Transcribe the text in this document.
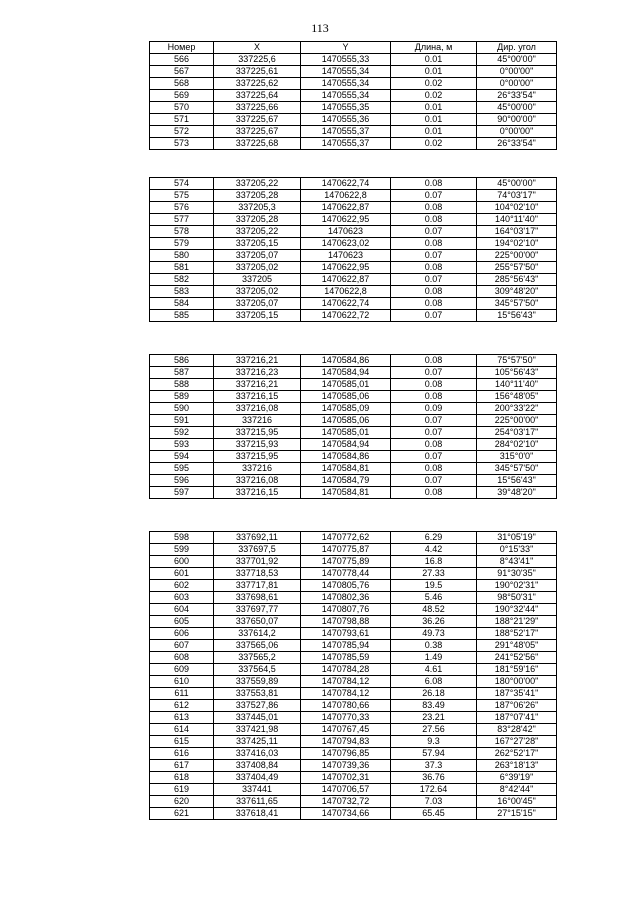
113
Номер	X	Y	Длина, м	Дир. угол
566	337225,6	1470555,33	0.01	45°00'00"
567	337225,61	1470555,34	0.01	0°00'00"
568	337225,62	1470555,34	0.02	0°00'00"
569	337225,64	1470555,34	0.02	26°33'54"
570	337225,66	1470555,35	0.01	45°00'00"
571	337225,67	1470555,36	0.01	90°00'00"
572	337225,67	1470555,37	0.01	0°00'00"
573	337225,68	1470555,37	0.02	26°33'54"
574	337205,22	1470622,74	0.08	45°00'00"
575	337205,28	1470622,8	0.07	74°03'17"
576	337205,3	1470622,87	0.08	104°02'10"
577	337205,28	1470622,95	0.08	140°11'40"
578	337205,22	1470623	0.07	164°03'17"
579	337205,15	1470623,02	0.08	194°02'10"
580	337205,07	1470623	0.07	225°00'00"
581	337205,02	1470622,95	0.08	255°57'50"
582	337205	1470622,87	0.07	285°56'43"
583	337205,02	1470622,8	0.08	309°48'20"
584	337205,07	1470622,74	0.08	345°57'50"
585	337205,15	1470622,72	0.07	15°56'43"
586	337216,21	1470584,86	0.08	75°57'50"
587	337216,23	1470584,94	0.07	105°56'43"
588	337216,21	1470585,01	0.08	140°11'40"
589	337216,15	1470585,06	0.08	156°48'05"
590	337216,08	1470585,09	0.09	200°33'22"
591	337216	1470585,06	0.07	225°00'00"
592	337215,95	1470585,01	0.07	254°03'17"
593	337215,93	1470584,94	0.08	284°02'10"
594	337215,95	1470584,86	0.07	315°0'0"
595	337216	1470584,81	0.08	345°57'50"
596	337216,08	1470584,79	0.07	15°56'43"
597	337216,15	1470584,81	0.08	39°48'20"
598	337692,11	1470772,62	6.29	31°05'19"
599	337697,5	1470775,87	4.42	0°15'33"
600	337701,92	1470775,89	16.8	8°43'41"
601	337718,53	1470778,44	27.33	91°30'35"
602	337717,81	1470805,76	19.5	190°02'31"
603	337698,61	1470802,36	5.46	98°50'31"
604	337697,77	1470807,76	48.52	190°32'44"
605	337650,07	1470798,88	36.26	188°21'29"
606	337614,2	1470793,61	49.73	188°52'17"
607	337565,06	1470785,94	0.38	291°48'05"
608	337565,2	1470785,59	1.49	241°52'56"
609	337564,5	1470784,28	4.61	181°59'16"
610	337559,89	1470784,12	6.08	180°00'00"
611	337553,81	1470784,12	26.18	187°35'41"
612	337527,86	1470780,66	83.49	187°06'26"
613	337445,01	1470770,33	23.21	187°07'41"
614	337421,98	1470767,45	27.56	83°28'42"
615	337425,11	1470794,83	9.3	167°27'28"
616	337416,03	1470796,85	57.94	262°52'17"
617	337408,84	1470739,36	37.3	263°18'13"
618	337404,49	1470702,31	36.76	6°39'19"
619	337441	1470706,57	172.64	8°42'44"
620	337611,65	1470732,72	7.03	16°00'45"
621	337618,41	1470734,66	65.45	27°15'15"
